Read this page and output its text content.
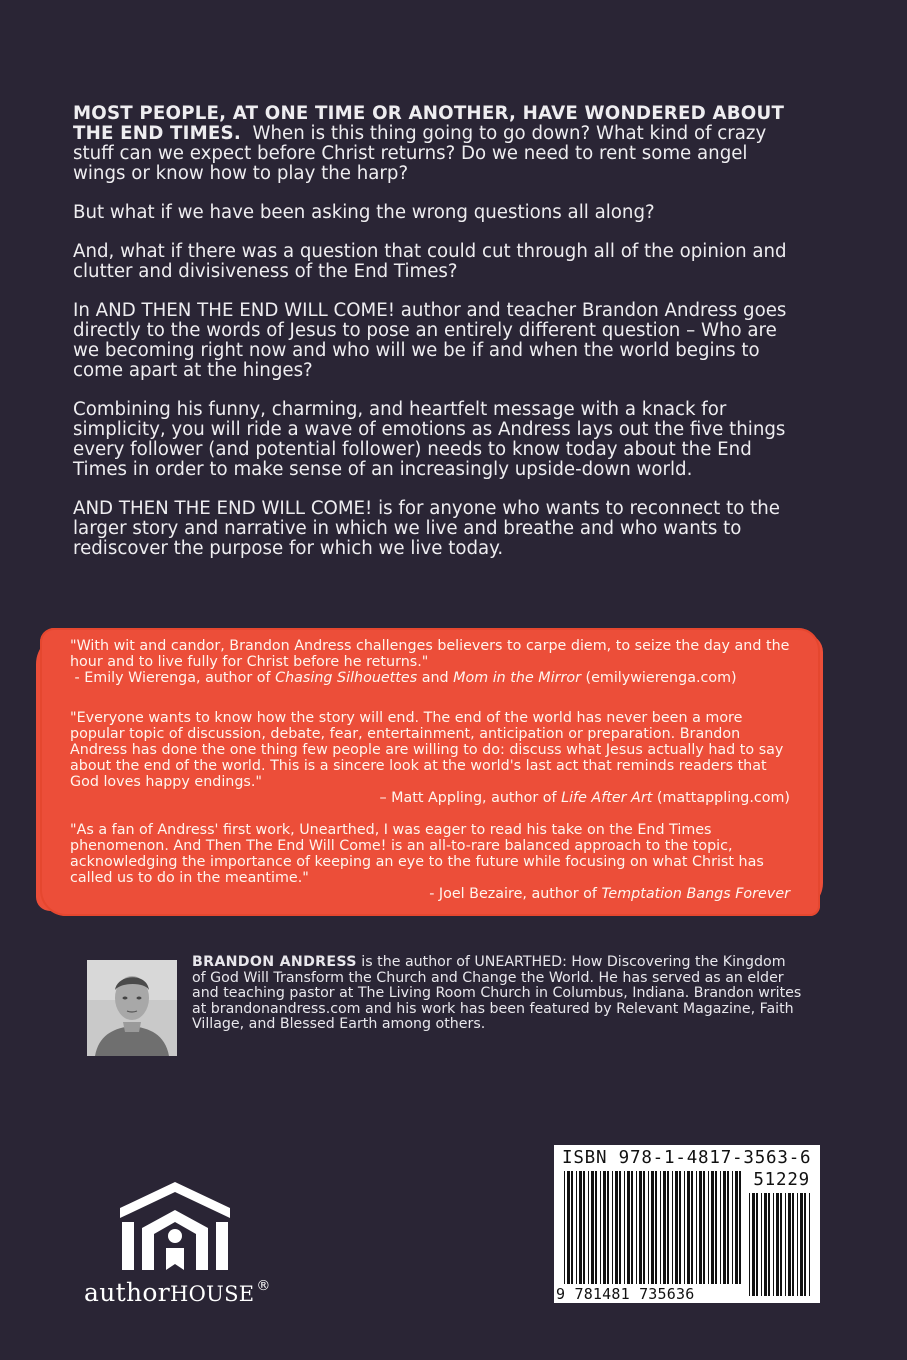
MOST PEOPLE, AT ONE TIME OR ANOTHER, HAVE WONDERED ABOUT THE END TIMES. When is this thing going to go down? What kind of crazy stuff can we expect before Christ returns? Do we need to rent some angel wings or know how to play the harp?

But what if we have been asking the wrong questions all along?

And, what if there was a question that could cut through all of the opinion and clutter and divisiveness of the End Times?

In AND THEN THE END WILL COME! author and teacher Brandon Andress goes directly to the words of Jesus to pose an entirely different question – Who are we becoming right now and who will we be if and when the world begins to come apart at the hinges?

Combining his funny, charming, and heartfelt message with a knack for simplicity, you will ride a wave of emotions as Andress lays out the five things every follower (and potential follower) needs to know today about the End Times in order to make sense of an increasingly upside-down world.

AND THEN THE END WILL COME! is for anyone who wants to reconnect to the larger story and narrative in which we live and breathe and who wants to rediscover the purpose for which we live today.

"With wit and candor, Brandon Andress challenges believers to carpe diem, to seize the day and the hour and to live fully for Christ before he returns."
- Emily Wierenga, author of Chasing Silhouettes and Mom in the Mirror (emilywierenga.com)
"Everyone wants to know how the story will end. The end of the world has never been a more popular topic of discussion, debate, fear, entertainment, anticipation or preparation. Brandon Andress has done the one thing few people are willing to do: discuss what Jesus actually had to say about the end of the world. This is a sincere look at the world's last act that reminds readers that God loves happy endings."
– Matt Appling, author of Life After Art (mattappling.com)
"As a fan of Andress' first work, Unearthed, I was eager to read his take on the End Times phenomenon. And Then The End Will Come! is an all-to-rare balanced approach to the topic, acknowledging the importance of keeping an eye to the future while focusing on what Christ has called us to do in the meantime."
- Joel Bezaire, author of Temptation Bangs Forever
BRANDON ANDRESS is the author of UNEARTHED: How Discovering the Kingdom of God Will Transform the Church and Change the World. He has served as an elder and teaching pastor at The Living Room Church in Columbus, Indiana. Brandon writes at brandonandress.com and his work has been featured by Relevant Magazine, Faith Village, and Blessed Earth among others.
authorHOUSE ®
ISBN 978-1-4817-3563-6
51229
9 781481 735636
